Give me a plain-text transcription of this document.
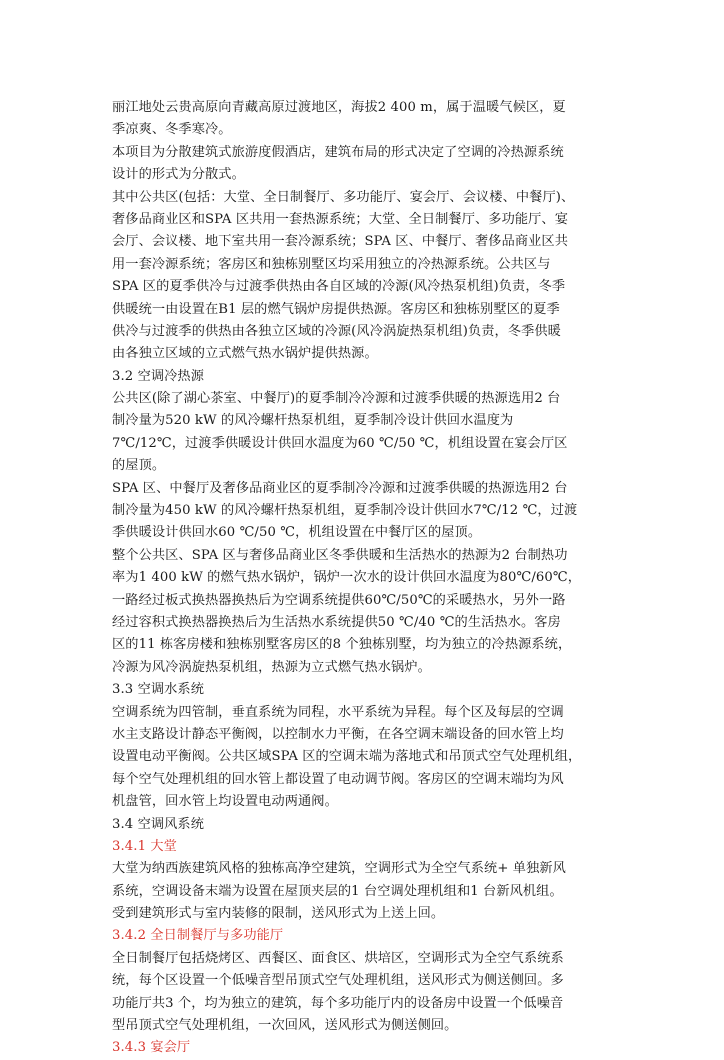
丽江地处云贵高原向青藏高原过渡地区，海拔2 400 m，属于温暖气候区，夏
季凉爽、冬季寒冷。
本项目为分散建筑式旅游度假酒店，建筑布局的形式决定了空调的冷热源系统
设计的形式为分散式。
其中公共区(包括：大堂、全日制餐厅、多功能厅、宴会厅、会议楼、中餐厅)、
奢侈品商业区和SPA 区共用一套热源系统；大堂、全日制餐厅、多功能厅、宴
会厅、会议楼、地下室共用一套冷源系统；SPA 区、中餐厅、奢侈品商业区共
用一套冷源系统；客房区和独栋别墅区均采用独立的冷热源系统。公共区与
SPA 区的夏季供冷与过渡季供热由各自区域的冷源(风冷热泵机组)负责，冬季
供暖统一由设置在B1 层的燃气锅炉房提供热源。客房区和独栋别墅区的夏季
供冷与过渡季的供热由各独立区域的冷源(风冷涡旋热泵机组)负责，冬季供暖
由各独立区域的立式燃气热水锅炉提供热源。
3.2 空调冷热源
公共区(除了湖心茶室、中餐厅)的夏季制冷冷源和过渡季供暖的热源选用2 台
制冷量为520 kW 的风冷螺杆热泵机组，夏季制冷设计供回水温度为
7℃/12℃，过渡季供暖设计供回水温度为60 ℃/50 ℃，机组设置在宴会厅区
的屋顶。
SPA 区、中餐厅及奢侈品商业区的夏季制冷冷源和过渡季供暖的热源选用2 台
制冷量为450 kW 的风冷螺杆热泵机组，夏季制冷设计供回水7℃/12 ℃，过渡
季供暖设计供回水60 ℃/50 ℃，机组设置在中餐厅区的屋顶。
整个公共区、SPA 区与奢侈品商业区冬季供暖和生活热水的热源为2 台制热功
率为1 400 kW 的燃气热水锅炉，锅炉一次水的设计供回水温度为80℃/60℃，
一路经过板式换热器换热后为空调系统提供60℃/50℃的采暖热水，另外一路
经过容积式换热器换热后为生活热水系统提供50 ℃/40 ℃的生活热水。客房
区的11 栋客房楼和独栋别墅客房区的8 个独栋别墅，均为独立的冷热源系统，
冷源为风冷涡旋热泵机组，热源为立式燃气热水锅炉。
3.3 空调水系统
空调系统为四管制，垂直系统为同程，水平系统为异程。每个区及每层的空调
水主支路设计静态平衡阀，以控制水力平衡，在各空调末端设备的回水管上均
设置电动平衡阀。公共区域SPA 区的空调末端为落地式和吊顶式空气处理机组，
每个空气处理机组的回水管上都设置了电动调节阀。客房区的空调末端均为风
机盘管，回水管上均设置电动两通阀。
3.4 空调风系统
3.4.1 大堂
大堂为纳西族建筑风格的独栋高净空建筑，空调形式为全空气系统+ 单独新风
系统，空调设备末端为设置在屋顶夹层的1 台空调处理机组和1 台新风机组。
受到建筑形式与室内装修的限制，送风形式为上送上回。
3.4.2 全日制餐厅与多功能厅
全日制餐厅包括烧烤区、西餐区、面食区、烘培区，空调形式为全空气系统系
统，每个区设置一个低噪音型吊顶式空气处理机组，送风形式为侧送侧回。多
功能厅共3 个，均为独立的建筑，每个多功能厅内的设备房中设置一个低噪音
型吊顶式空气处理机组，一次回风，送风形式为侧送侧回。
3.4.3 宴会厅
